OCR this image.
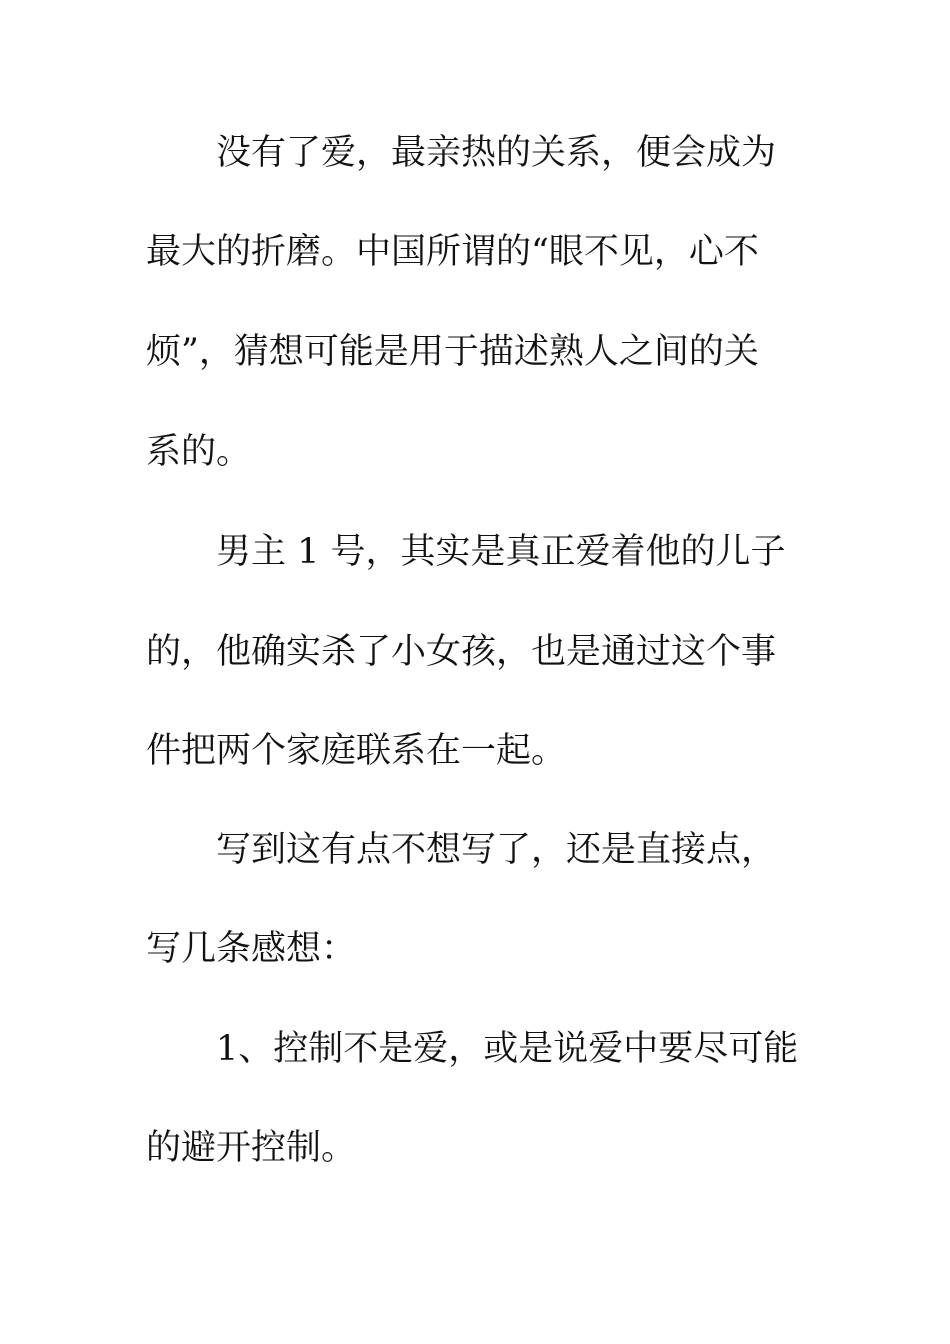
没有了爱，最亲热的关系，便会成为
最大的折磨。中国所谓的“眼不见，心不
烦”，猜想可能是用于描述熟人之间的关
系的。
男主 1 号，其实是真正爱着他的儿子
的，他确实杀了小女孩，也是通过这个事
件把两个家庭联系在一起。
写到这有点不想写了，还是直接点，
写几条感想：
1、控制不是爱，或是说爱中要尽可能
的避开控制。
